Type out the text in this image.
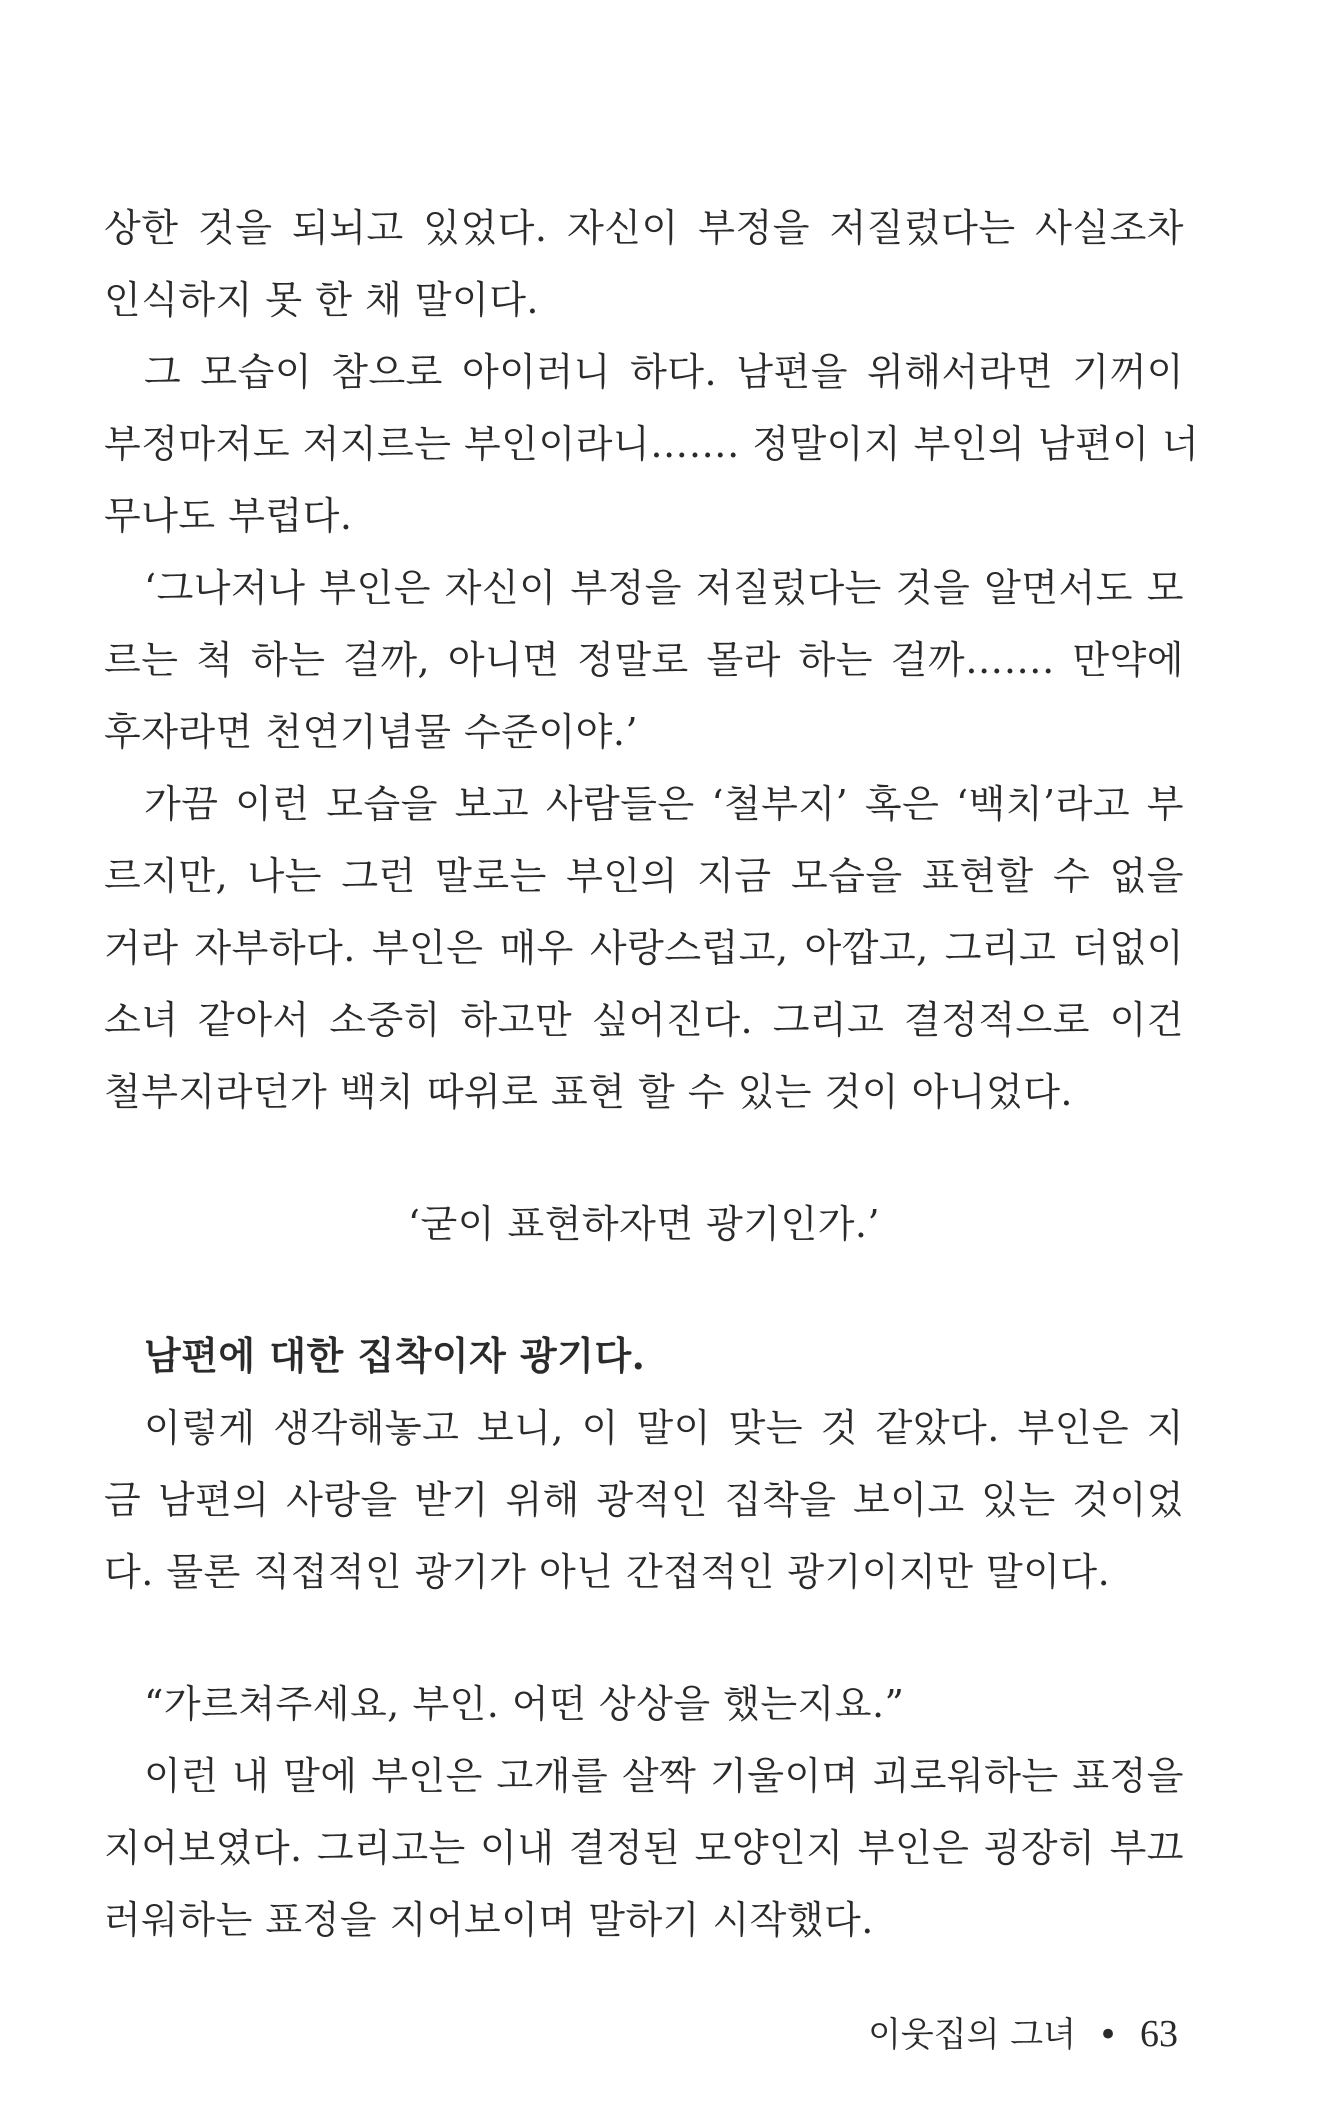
상한 것을 되뇌고 있었다. 자신이 부정을 저질렀다는 사실조차
인식하지 못 한 채 말이다.
그 모습이 참으로 아이러니 하다. 남편을 위해서라면 기꺼이
부정마저도 저지르는 부인이라니……. 정말이지 부인의 남편이 너
무나도 부럽다.
‘그나저나 부인은 자신이 부정을 저질렀다는 것을 알면서도 모
르는 척 하는 걸까, 아니면 정말로 몰라 하는 걸까……. 만약에
후자라면 천연기념물 수준이야.’
가끔 이런 모습을 보고 사람들은 ‘철부지’ 혹은 ‘백치’라고 부
르지만, 나는 그런 말로는 부인의 지금 모습을 표현할 수 없을
거라 자부하다. 부인은 매우 사랑스럽고, 아깝고, 그리고 더없이
소녀 같아서 소중히 하고만 싶어진다. 그리고 결정적으로 이건
철부지라던가 백치 따위로 표현 할 수 있는 것이 아니었다.
‘굳이 표현하자면 광기인가.’
남편에 대한 집착이자 광기다.
이렇게 생각해놓고 보니, 이 말이 맞는 것 같았다. 부인은 지
금 남편의 사랑을 받기 위해 광적인 집착을 보이고 있는 것이었
다. 물론 직접적인 광기가 아닌 간접적인 광기이지만 말이다.
“가르쳐주세요, 부인. 어떤 상상을 했는지요.”
이런 내 말에 부인은 고개를 살짝 기울이며 괴로워하는 표정을
지어보였다. 그리고는 이내 결정된 모양인지 부인은 굉장히 부끄
러워하는 표정을 지어보이며 말하기 시작했다.
이웃집의 그녀 • 63
